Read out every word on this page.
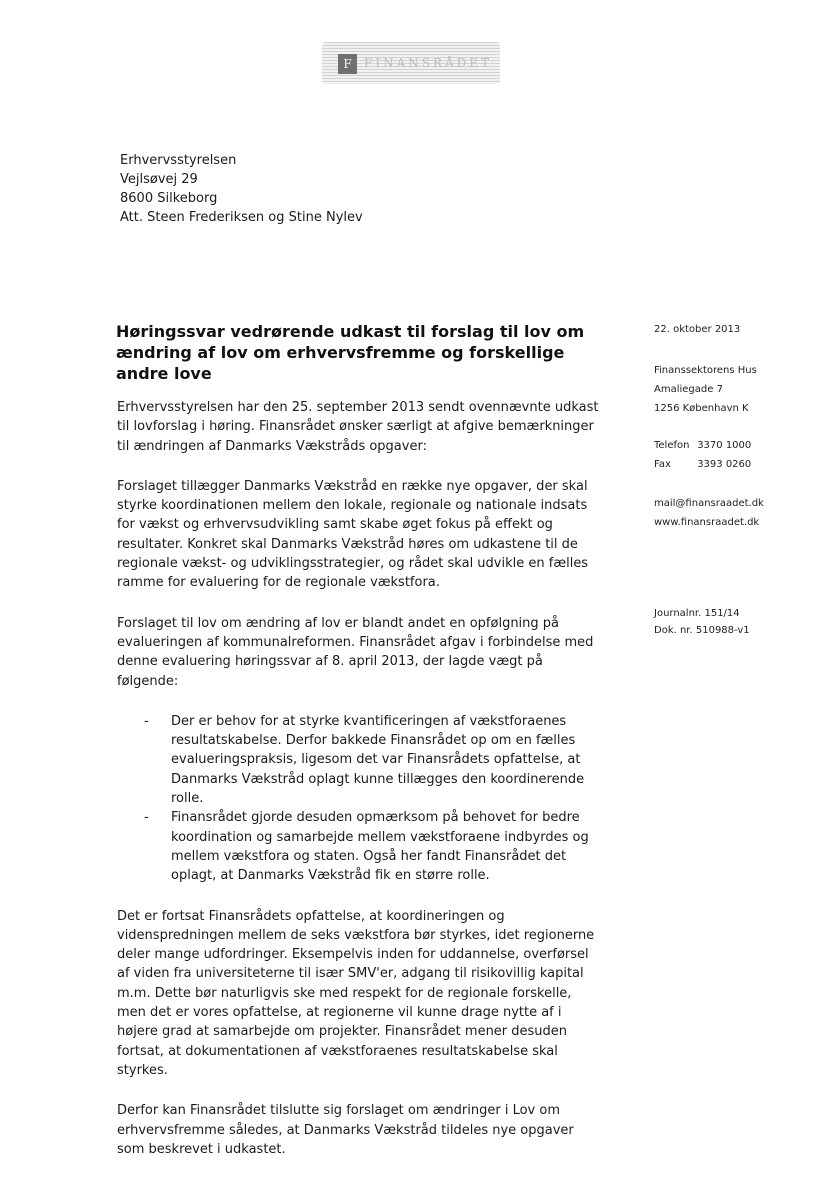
F	FINANSRÅDET
Erhvervsstyrelsen
Vejlsøvej 29
8600 Silkeborg
Att. Steen Frederiksen og Stine Nylev
Høringssvar vedrørende udkast til forslag til lov om ændring af lov om erhvervsfremme og forskellige andre love
22. oktober 2013
Finanssektorens Hus
Amaliegade 7
1256 København K
Telefon 3370 1000
Fax	3393 0260
mail@finansraadet.dk
www.finansraadet.dk
Journalnr. 151/14
Dok. nr. 510988-v1

Erhvervsstyrelsen har den 25. september 2013 sendt ovennævnte udkast til lovforslag i høring. Finansrådet ønsker særligt at afgive bemærkninger til ændringen af Danmarks Vækstråds opgaver:

Forslaget tillægger Danmarks Vækstråd en række nye opgaver, der skal styrke koordinationen mellem den lokale, regionale og nationale indsats for vækst og erhvervsudvikling samt skabe øget fokus på effekt og resultater. Konkret skal Danmarks Vækstråd høres om udkastene til de regionale vækst- og udviklingsstrategier, og rådet skal udvikle en fælles ramme for evaluering for de regionale vækstfora.

Forslaget til lov om ændring af lov er blandt andet en opfølgning på evalueringen af kommunalreformen. Finansrådet afgav i forbindelse med denne evaluering høringssvar af 8. april 2013, der lagde vægt på følgende:

- Der er behov for at styrke kvantificeringen af vækstforaenes resultatskabelse. Derfor bakkede Finansrådet op om en fælles evalueringspraksis, ligesom det var Finansrådets opfattelse, at Danmarks Vækstråd oplagt kunne tillægges den koordinerende rolle.
- Finansrådet gjorde desuden opmærksom på behovet for bedre koordination og samarbejde mellem vækstforaene indbyrdes og mellem vækstfora og staten. Også her fandt Finansrådet det oplagt, at Danmarks Vækstråd fik en større rolle.

Det er fortsat Finansrådets opfattelse, at koordineringen og videnspredningen mellem de seks vækstfora bør styrkes, idet regionerne deler mange udfordringer. Eksempelvis inden for uddannelse, overførsel af viden fra universiteterne til især SMV'er, adgang til risikovillig kapital m.m. Dette bør naturligvis ske med respekt for de regionale forskelle, men det er vores opfattelse, at regionerne vil kunne drage nytte af i højere grad at samarbejde om projekter. Finansrådet mener desuden fortsat, at dokumentationen af vækstforaenes resultatskabelse skal styrkes.

Derfor kan Finansrådet tilslutte sig forslaget om ændringer i Lov om erhvervsfremme således, at Danmarks Vækstråd tildeles nye opgaver som beskrevet i udkastet.
